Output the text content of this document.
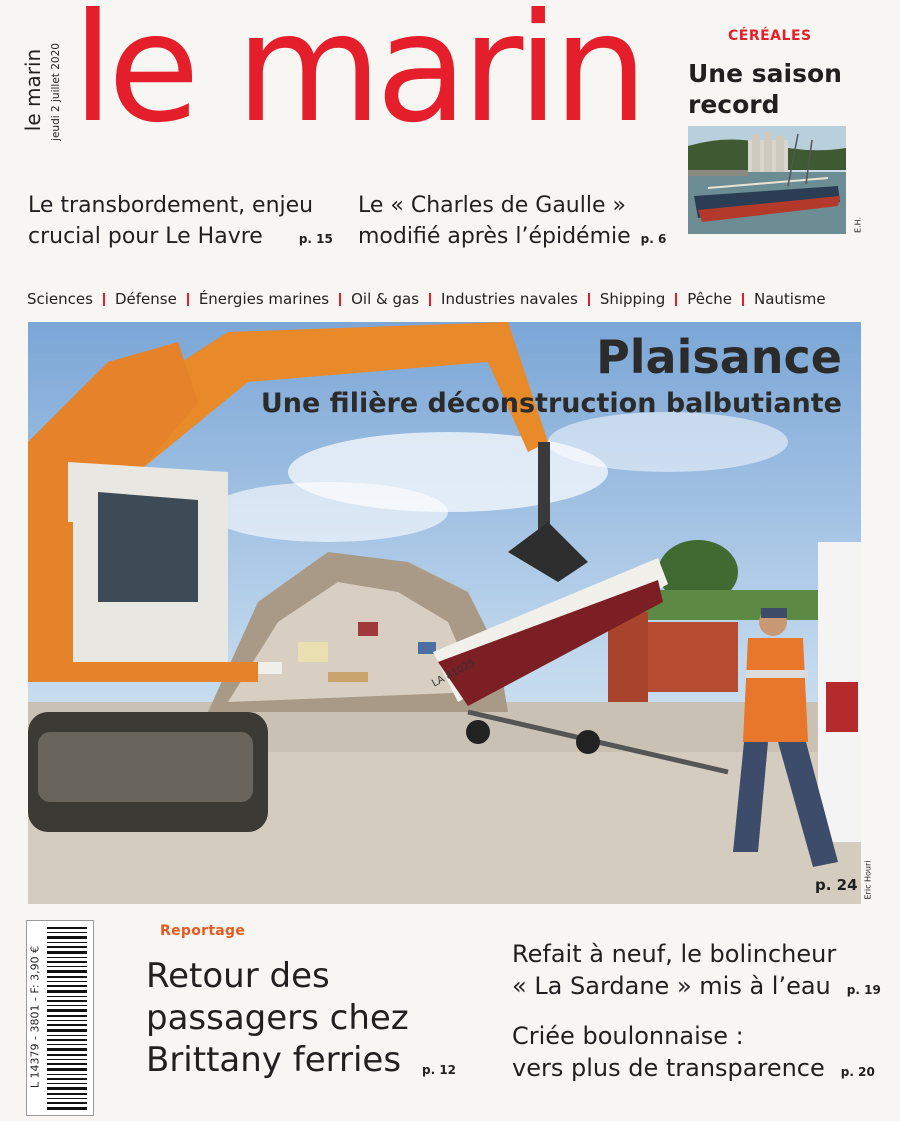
le marin jeudi 2 juillet 2020 le marin	CÉRÉALES
Une saison
record
E.H.
Le transbordement, enjeu
crucial pour Le Havre	p. 15
Le « Charles de Gaulle »
modifié après l’épidémie p. 6
Sciences Défense Énergies marines Oil & gas Industries navales Shipping Pêche Nautisme
Plaisance
Une filière déconstruction balbutiante
p. 24 Eric Houri
LA 81025
L 14379 - 3801 - F: 3,90 €
Reportage
Retour des
passagers chez
Brittany ferries	p. 12
Refait à neuf, le bolincheur
« La Sardane » mis à l’eau p. 19
Criée boulonnaise :
vers plus de transparence p. 20
